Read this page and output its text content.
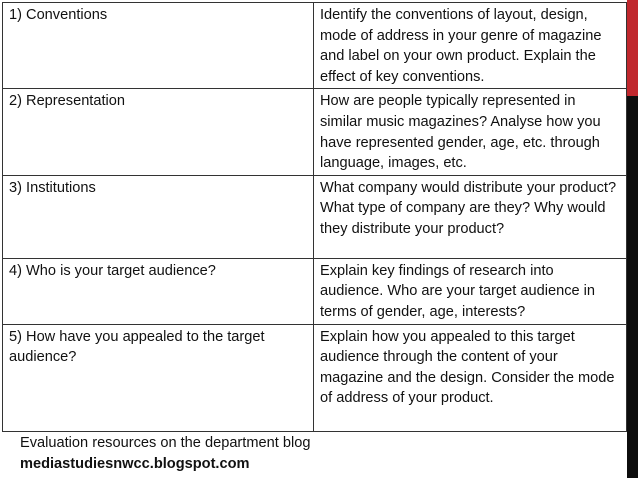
1) Conventions	Identify the conventions of layout, design, mode of address in your genre of magazine and label on your own product. Explain the effect of key conventions.
2) Representation	How are people typically represented in similar music magazines? Analyse how you have represented gender, age, etc. through language, images, etc.
3) Institutions	What company would distribute your product? What type of company are they? Why would they distribute your product?
4) Who is your target audience?	Explain key findings of research into audience. Who are your target audience in terms of gender, age, interests?
5) How have you appealed to the target audience?	Explain how you appealed to this target audience through the content of your magazine and the design. Consider the mode of address of your product.
Evaluation resources on the department blog
mediastudiesnwcc.blogspot.com
